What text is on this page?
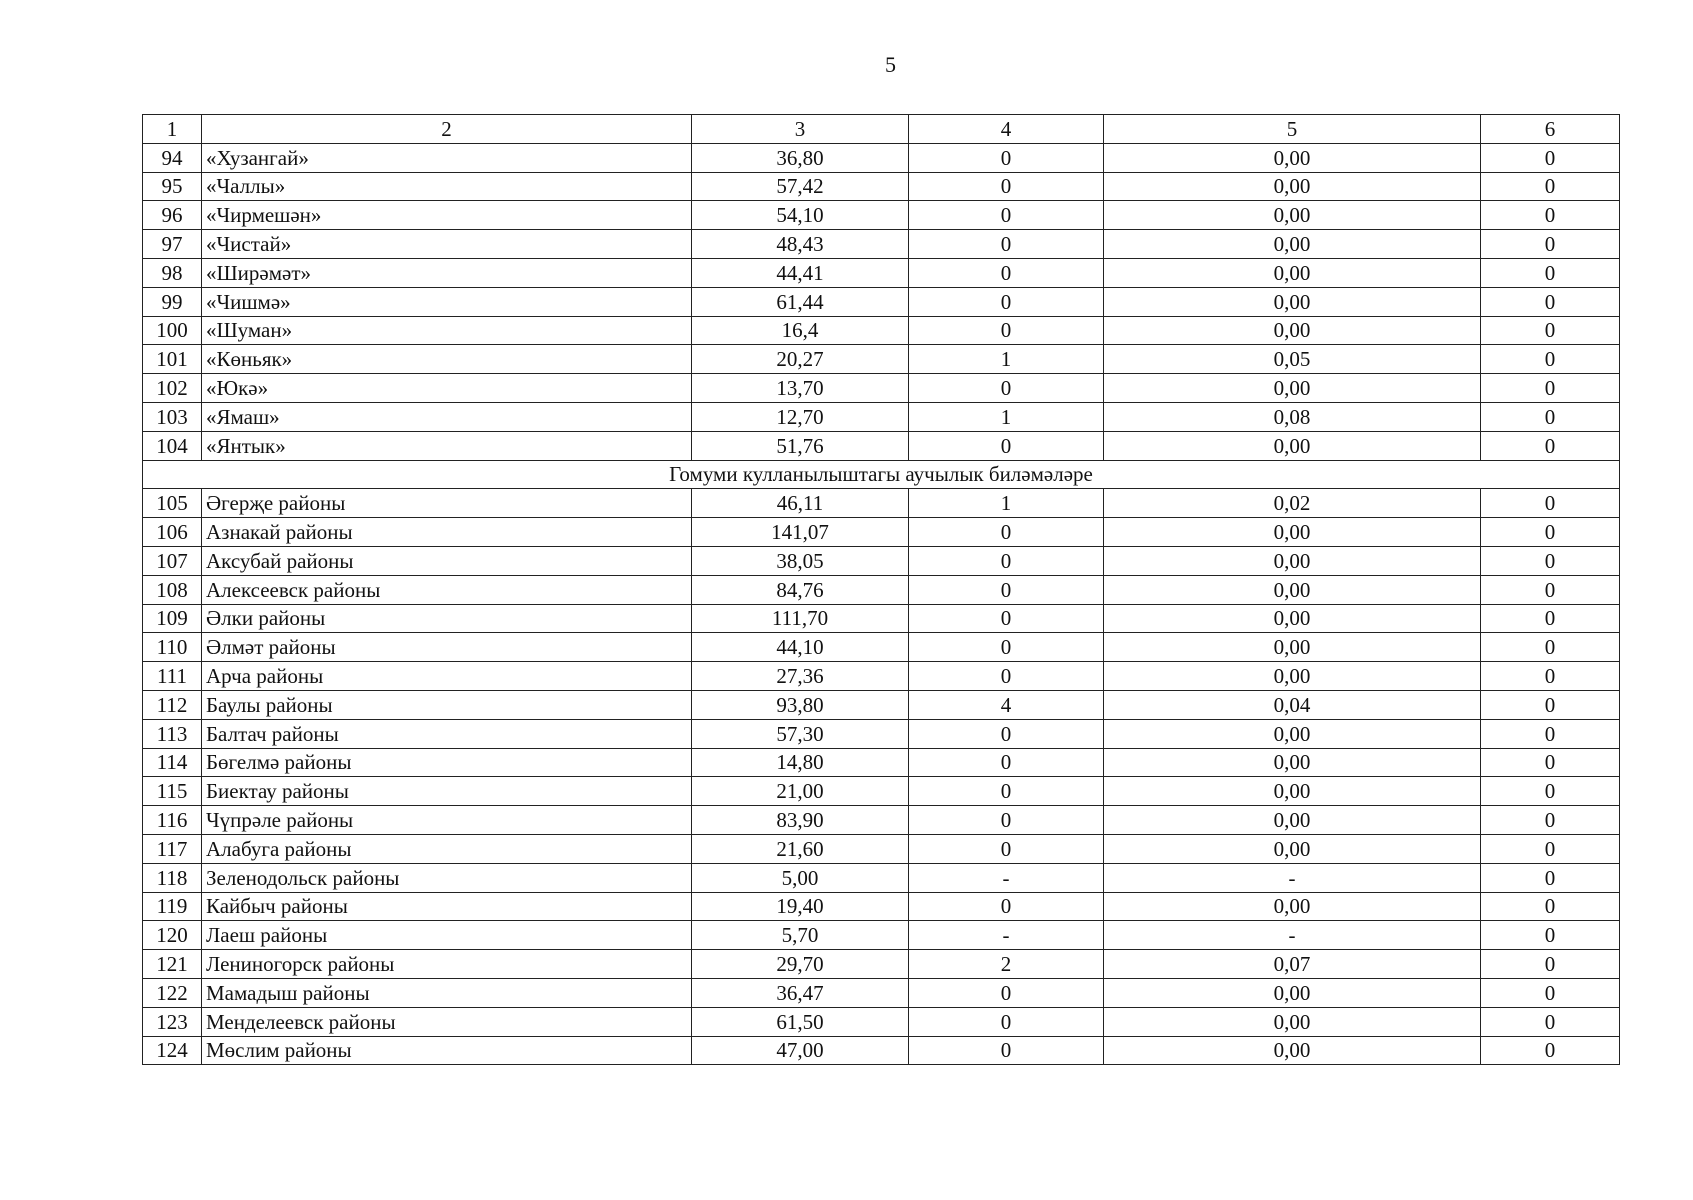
5
1	2	3	4	5	6
94	«Хузангай»	36,80	0	0,00	0
95	«Чаллы»	57,42	0	0,00	0
96	«Чирмешән»	54,10	0	0,00	0
97	«Чистай»	48,43	0	0,00	0
98	«Ширәмәт»	44,41	0	0,00	0
99	«Чишмә»	61,44	0	0,00	0
100	«Шуман»	16,4	0	0,00	0
101	«Көньяк»	20,27	1	0,05	0
102	«Юкә»	13,70	0	0,00	0
103	«Ямаш»	12,70	1	0,08	0
104	«Янтык»	51,76	0	0,00	0
Гомуми кулланылыштагы аучылык биләмәләре					
105	Әгерҗе районы	46,11	1	0,02	0
106	Азнакай районы	141,07	0	0,00	0
107	Аксубай районы	38,05	0	0,00	0
108	Алексеевск районы	84,76	0	0,00	0
109	Әлки районы	111,70	0	0,00	0
110	Әлмәт районы	44,10	0	0,00	0
111	Арча районы	27,36	0	0,00	0
112	Баулы районы	93,80	4	0,04	0
113	Балтач районы	57,30	0	0,00	0
114	Бөгелмә районы	14,80	0	0,00	0
115	Биектау районы	21,00	0	0,00	0
116	Чүпрәле районы	83,90	0	0,00	0
117	Алабуга районы	21,60	0	0,00	0
118	Зеленодольск районы	5,00	-	-	0
119	Кайбыч районы	19,40	0	0,00	0
120	Лаеш районы	5,70	-	-	0
121	Лениногорск районы	29,70	2	0,07	0
122	Мамадыш районы	36,47	0	0,00	0
123	Менделеевск районы	61,50	0	0,00	0
124	Мөслим районы	47,00	0	0,00	0
